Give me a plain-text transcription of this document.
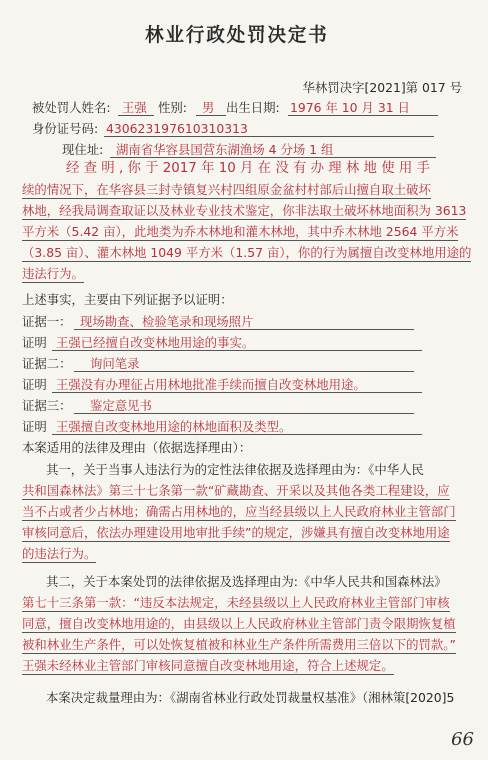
林业行政处罚决定书
华林罚决字[2021]第 017 号
被处罚人姓名: 王强 性别: 男 出生日期: 1976 年 10 月 31 日
身份证号码: 430623197610310313
现住址: 湖南省华容县国营东湖渔场 4 分场 1 组
经 查 明 , 你 于 2017 年 10 月 在 没 有 办 理 林 地 使 用 手
续的情况下，在华容县三封寺镇复兴村四组原金盆村村部后山擅自取土破坏
林地，经我局调查取证以及林业专业技术鉴定，你非法取土破坏林地面积为 3613
平方米（5.42 亩），此地类为乔木林地和灌木林地，其中乔木林地 2564 平方米
（3.85 亩）、灌木林地 1049 平方米（1.57 亩），你的行为属擅自改变林地用途的
违法行为。
上述事实，主要由下列证据予以证明：
证据一： 现场勘查、检验笔录和现场照片
证明 王强已经擅自改变林地用途的事实。
证据二： 询问笔录
证明 王强没有办理征占用林地批准手续而擅自改变林地用途。
证据三： 鉴定意见书
证明 王强擅自改变林地用途的林地面积及类型。
本案适用的法律及理由（依据选择理由）：
其一，关于当事人违法行为的定性法律依据及选择理由为：《中华人民
共和国森林法》第三十七条第一款“矿藏勘查、开采以及其他各类工程建设，应
当不占或者少占林地；确需占用林地的，应当经县级以上人民政府林业主管部门
审核同意后，依法办理建设用地审批手续”的规定，涉嫌具有擅自改变林地用途
的违法行为。
其二，关于本案处罚的法律依据及选择理由为:《中华人民共和国森林法》
第七十三条第一款：“违反本法规定，未经县级以上人民政府林业主管部门审核
同意，擅自改变林地用途的，由县级以上人民政府林业主管部门责令限期恢复植
被和林业生产条件，可以处恢复植被和林业生产条件所需费用三倍以下的罚款。”
王强未经林业主管部门审核同意擅自改变林地用途，符合上述规定。
本案决定裁量理由为：《湖南省林业行政处罚裁量权基准》（湘林策[2020]5
66
